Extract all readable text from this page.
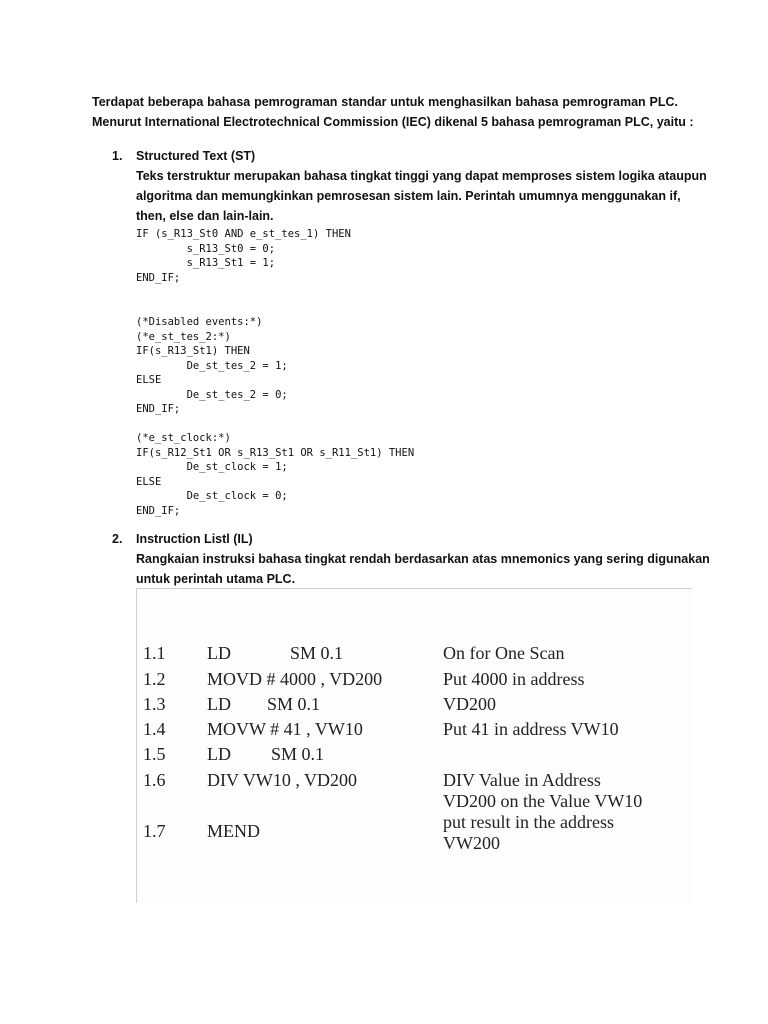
Terdapat beberapa bahasa pemrograman standar untuk menghasilkan bahasa pemrograman PLC.
Menurut International Electrotechnical Commission (IEC) dikenal 5 bahasa pemrograman PLC, yaitu :
1. Structured Text (ST)
Teks terstruktur merupakan bahasa tingkat tinggi yang dapat memproses sistem logika ataupun
algoritma dan memungkinkan pemrosesan sistem lain. Perintah umumnya menggunakan if,
then, else dan lain-lain.
IF (s_R13_St0 AND e_st_tes_1) THEN
s_R13_St0 = 0;
s_R13_St1 = 1;
END_IF;
(*Disabled events:*)
(*e_st_tes_2:*)
IF(s_R13_St1) THEN
De_st_tes_2 = 1;
ELSE
De_st_tes_2 = 0;
END_IF;
(*e_st_clock:*)
IF(s_R12_St1 OR s_R13_St1 OR s_R11_St1) THEN
De_st_clock = 1;
ELSE
De_st_clock = 0;
END_IF;
2. Instruction Listl (IL)
Rangkaian instruksi bahasa tingkat rendah berdasarkan atas mnemonics yang sering digunakan
untuk perintah utama PLC.
1.1 LD	SM 0.1	On for One Scan
1.2 MOVD # 4000 , VD200	Put 4000 in address
1.3 LD SM 0.1	VD200
1.4 MOVW # 41 , VW10	Put 41 in address VW10
1.5 LD SM 0.1
1.6 DIV VW10 , VD200	DIV Value in Address
VD200 on the Value VW10
1.7 MEND	put result in the address
VW200
